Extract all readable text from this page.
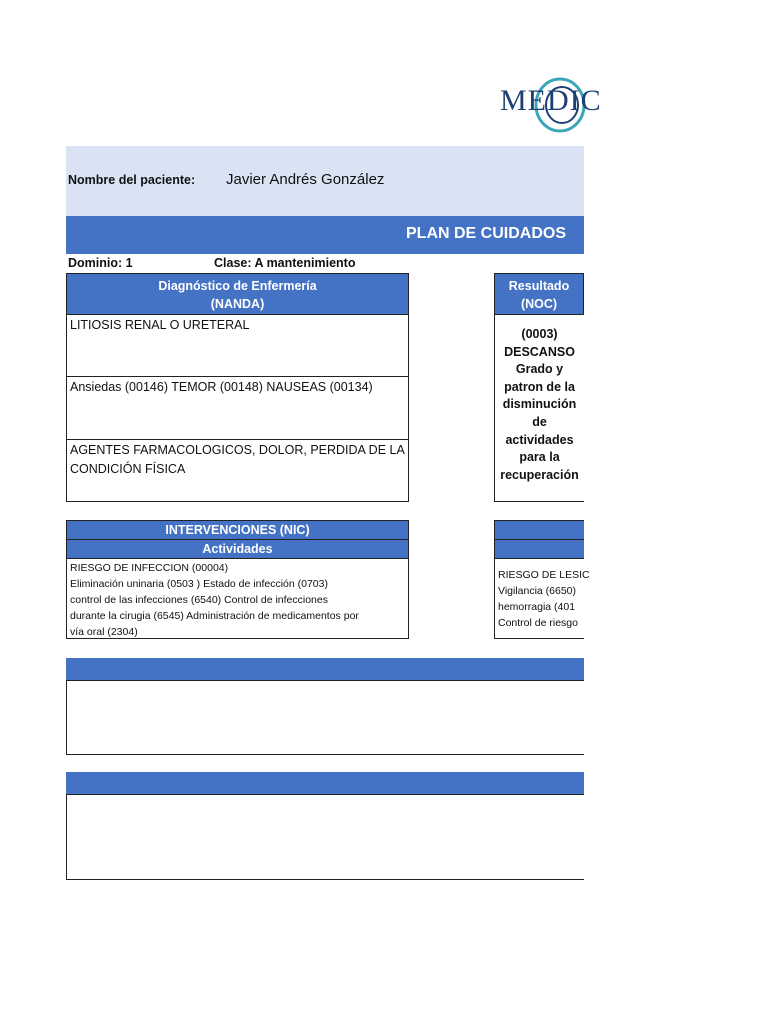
MEDIC
Nombre del paciente: Javier Andrés González
PLAN DE CUIDADOS
Dominio: 1	Clase: A mantenimiento
Diagnóstico de Enfermería
(NANDA)
LITIOSIS RENAL O URETERAL
Ansiedas (00146) TEMOR (00148) NAUSEAS (00134)
AGENTES FARMACOLOGICOS, DOLOR, PERDIDA DE LA CONDICIÓN FÍSICA
Resultado
(NOC)
(0003)
DESCANSO
Grado y
patron de la
disminución
de
actividades
para la
recuperación
INTERVENCIONES (NIC)
Actividades
RIESGO DE INFECCION (00004)
Eliminación uninaria (0503 ) Estado de infección (0703)
control de las infecciones (6540) Control de infecciones
durante la cirugia (6545) Administración de medicamentos por
vía oral (2304)
RIESGO DE LESIC
Vigilancia (6650)
hemorragia (401
Control de riesgo
